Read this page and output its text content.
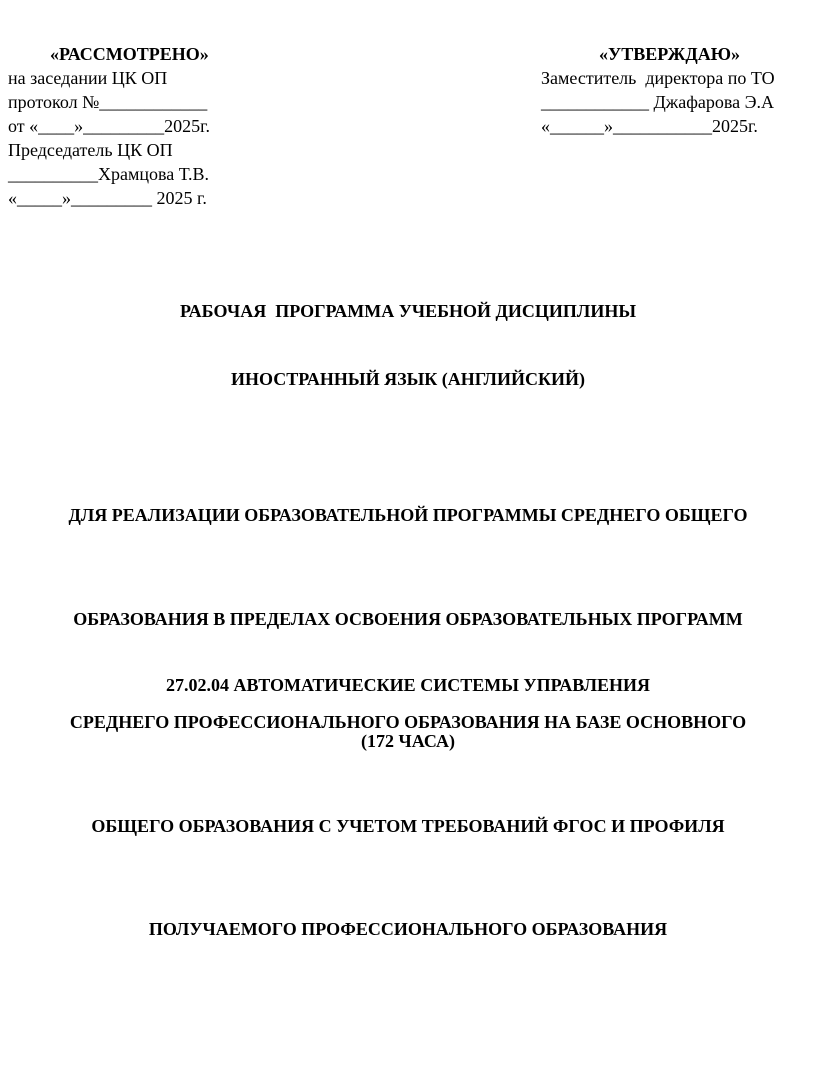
«РАССМОТРЕНО»

на заседании ЦК ОП

протокол №____________

от «____»_________2025г.

Председатель ЦК ОП

__________Храмцова Т.В.

«_____»_________ 2025 г.

«УТВЕРЖДАЮ»

Заместитель  директора по ТО

____________ Джафарова Э.А

«______»___________2025г.

РАБОЧАЯ  ПРОГРАММА УЧЕБНОЙ ДИСЦИПЛИНЫ
ИНОСТРАННЫЙ ЯЗЫК (АНГЛИЙСКИЙ)

ДЛЯ РЕАЛИЗАЦИИ ОБРАЗОВАТЕЛЬНОЙ ПРОГРАММЫ СРЕДНЕГО ОБЩЕГО

ОБРАЗОВАНИЯ В ПРЕДЕЛАХ ОСВОЕНИЯ ОБРАЗОВАТЕЛЬНЫХ ПРОГРАММ

СРЕДНЕГО ПРОФЕССИОНАЛЬНОГО ОБРАЗОВАНИЯ НА БАЗЕ ОСНОВНОГО

ОБЩЕГО ОБРАЗОВАНИЯ С УЧЕТОМ ТРЕБОВАНИЙ ФГОС И ПРОФИЛЯ

ПОЛУЧАЕМОГО ПРОФЕССИОНАЛЬНОГО ОБРАЗОВАНИЯ

27.02.04 АВТОМАТИЧЕСКИЕ СИСТЕМЫ УПРАВЛЕНИЯ
(172 ЧАСА)
